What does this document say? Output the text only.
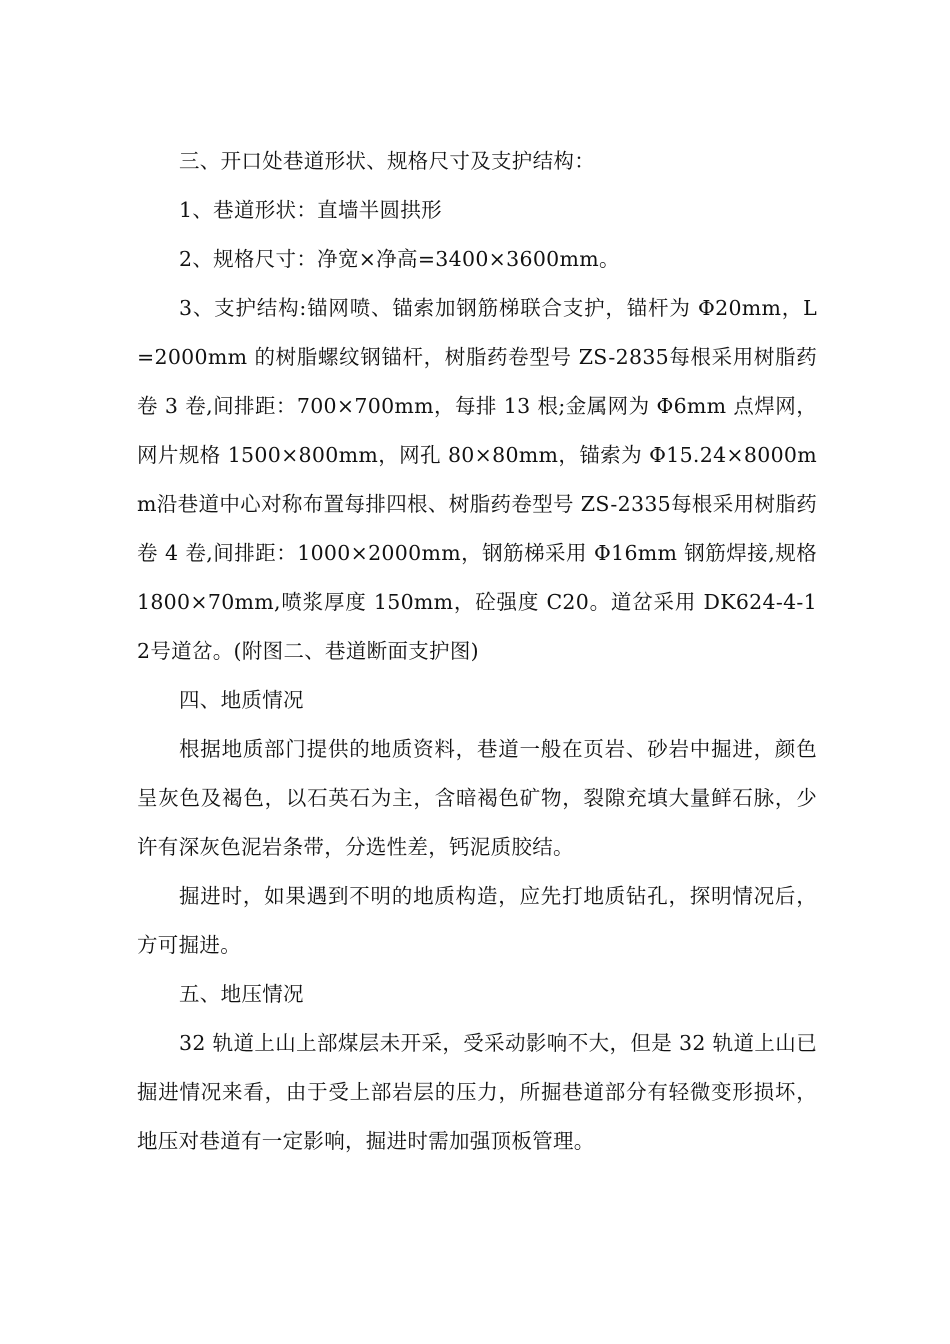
三、开口处巷道形状、规格尺寸及支护结构：

1、巷道形状：直墙半圆拱形

2、规格尺寸：净宽×净高=3400×3600mm。

3、支护结构:锚网喷、锚索加钢筋梯联合支护，锚杆为 Φ20mm，L=2000mm 的树脂螺纹钢锚杆，树脂药卷型号 ZS-2835每根采用树脂药卷 3 卷,间排距：700×700mm，每排 13 根;金属网为 Φ6mm 点焊网，网片规格 1500×800mm，网孔 80×80mm，锚索为 Φ15.24×8000mm沿巷道中心对称布置每排四根、树脂药卷型号 ZS-2335每根采用树脂药卷 4 卷,间排距：1000×2000mm，钢筋梯采用 Φ16mm 钢筋焊接,规格 1800×70mm,喷浆厚度 150mm，砼强度 C20。道岔采用 DK624-4-12号道岔。(附图二、巷道断面支护图)

四、地质情况

根据地质部门提供的地质资料，巷道一般在页岩、砂岩中掘进，颜色呈灰色及褐色，以石英石为主，含暗褐色矿物，裂隙充填大量鲜石脉，少许有深灰色泥岩条带，分选性差，钙泥质胶结。

掘进时，如果遇到不明的地质构造，应先打地质钻孔，探明情况后，方可掘进。

五、地压情况

32 轨道上山上部煤层未开采，受采动影响不大，但是 32 轨道上山已掘进情况来看，由于受上部岩层的压力，所掘巷道部分有轻微变形损坏，地压对巷道有一定影响，掘进时需加强顶板管理。
